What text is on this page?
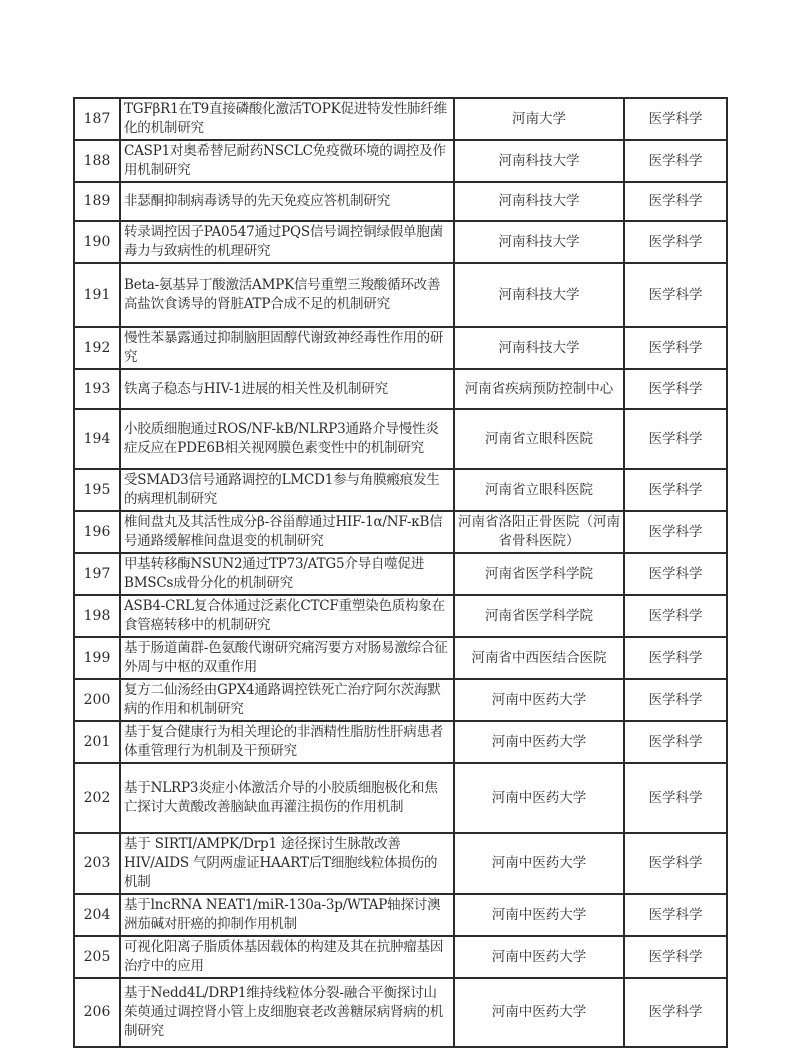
187	TGFβR1在T9直接磷酸化激活TOPK促进特发性肺纤维化的机制研究	河南大学	医学科学
188	CASP1对奥希替尼耐药NSCLC免疫微环境的调控及作用机制研究	河南科技大学	医学科学
189	非瑟酮抑制病毒诱导的先天免疫应答机制研究	河南科技大学	医学科学
190	转录调控因子PA0547通过PQS信号调控铜绿假单胞菌毒力与致病性的机理研究	河南科技大学	医学科学
191	Beta-氨基异丁酸激活AMPK信号重塑三羧酸循环改善高盐饮食诱导的肾脏ATP合成不足的机制研究	河南科技大学	医学科学
192	慢性苯暴露通过抑制脑胆固醇代谢致神经毒性作用的研究	河南科技大学	医学科学
193	铁离子稳态与HIV-1进展的相关性及机制研究	河南省疾病预防控制中心	医学科学
194	小胶质细胞通过ROS/NF-kB/NLRP3通路介导慢性炎症反应在PDE6B相关视网膜色素变性中的机制研究	河南省立眼科医院	医学科学
195	受SMAD3信号通路调控的LMCD1参与角膜瘢痕发生的病理机制研究	河南省立眼科医院	医学科学
196	椎间盘丸及其活性成分β-谷甾醇通过HIF-1α/NF-κB信号通路缓解椎间盘退变的机制研究	河南省洛阳正骨医院（河南省骨科医院）	医学科学
197	甲基转移酶NSUN2通过TP73/ATG5介导自噬促进BMSCs成骨分化的机制研究	河南省医学科学院	医学科学
198	ASB4-CRL复合体通过泛素化CTCF重塑染色质构象在食管癌转移中的机制研究	河南省医学科学院	医学科学
199	基于肠道菌群-色氨酸代谢研究痛泻要方对肠易激综合征外周与中枢的双重作用	河南省中西医结合医院	医学科学
200	复方二仙汤经由GPX4通路调控铁死亡治疗阿尔茨海默病的作用和机制研究	河南中医药大学	医学科学
201	基于复合健康行为相关理论的非酒精性脂肪性肝病患者体重管理行为机制及干预研究	河南中医药大学	医学科学
202	基于NLRP3炎症小体激活介导的小胶质细胞极化和焦亡探讨大黄酸改善脑缺血再灌注损伤的作用机制	河南中医药大学	医学科学
203	基于 SIRTI/AMPK/Drp1 途径探讨生脉散改善HIV/AIDS 气阴两虚证HAART后T细胞线粒体损伤的机制	河南中医药大学	医学科学
204	基于lncRNA NEAT1/miR-130a-3p/WTAP轴探讨澳洲茄碱对肝癌的抑制作用机制	河南中医药大学	医学科学
205	可视化阳离子脂质体基因载体的构建及其在抗肿瘤基因治疗中的应用	河南中医药大学	医学科学
206	基于Nedd4L/DRP1维持线粒体分裂-融合平衡探讨山茱萸通过调控肾小管上皮细胞衰老改善糖尿病肾病的机制研究	河南中医药大学	医学科学
